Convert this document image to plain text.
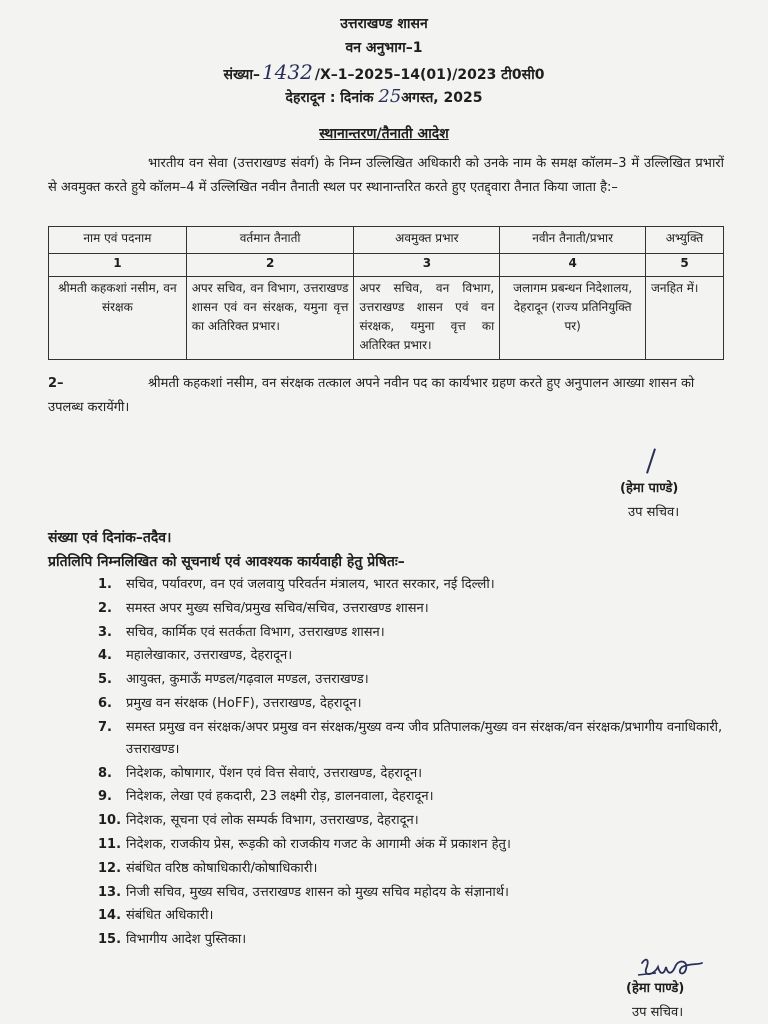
उत्तराखण्ड शासन
वन अनुभाग–1
संख्या– 1432 /X–1–2025–14(01)/2023 टी0सी0
देहरादून : दिनांक 25अगस्त, 2025
स्थानान्तरण/तैनाती आदेश
भारतीय वन सेवा (उत्तराखण्ड संवर्ग) के निम्न उल्लिखित अधिकारी को उनके नाम के समक्ष कॉलम–3 में उल्लिखित प्रभारों से अवमुक्त करते हुये कॉलम–4 में उल्लिखित नवीन तैनाती स्थल पर स्थानान्तरित करते हुए एतद्द्वारा तैनात किया जाता है:–
नाम एवं पदनाम	वर्तमान तैनाती	अवमुक्त प्रभार	नवीन तैनाती/प्रभार	अभ्युक्ति
1	2	3	4	5
श्रीमती कहकशां नसीम, वन संरक्षक	अपर सचिव, वन विभाग, उत्तराखण्ड शासन एवं वन संरक्षक, यमुना वृत्त का अतिरिक्त प्रभार।	अपर सचिव, वन विभाग, उत्तराखण्ड शासन एवं वन संरक्षक, यमुना वृत्त का अतिरिक्त प्रभार।	जलागम प्रबन्धन निदेशालय, देहरादून (राज्य प्रतिनियुक्ति पर)	जनहित में।
2–	श्रीमती कहकशां नसीम, वन संरक्षक तत्काल अपने नवीन पद का कार्यभार ग्रहण करते हुए अनुपालन आख्या शासन को उपलब्ध करायेंगी।
(हेमा पाण्डे)
उप सचिव।
संख्या एवं दिनांक–तदैव।
प्रतिलिपि निम्नलिखित को सूचनार्थ एवं आवश्यक कार्यवाही हेतु प्रेषितः–
1. सचिव, पर्यावरण, वन एवं जलवायु परिवर्तन मंत्रालय, भारत सरकार, नई दिल्ली।
2. समस्त अपर मुख्य सचिव/प्रमुख सचिव/सचिव, उत्तराखण्ड शासन।
3. सचिव, कार्मिक एवं सतर्कता विभाग, उत्तराखण्ड शासन।
4. महालेखाकार, उत्तराखण्ड, देहरादून।
5. आयुक्त, कुमाऊँ मण्डल/गढ़वाल मण्डल, उत्तराखण्ड।
6. प्रमुख वन संरक्षक (HoFF), उत्तराखण्ड, देहरादून।
7. समस्त प्रमुख वन संरक्षक/अपर प्रमुख वन संरक्षक/मुख्य वन्य जीव प्रतिपालक/मुख्य वन संरक्षक/वन संरक्षक/प्रभागीय वनाधिकारी, उत्तराखण्ड।
8. निदेशक, कोषागार, पेंशन एवं वित्त सेवाएं, उत्तराखण्ड, देहरादून।
9. निदेशक, लेखा एवं हकदारी, 23 लक्ष्मी रोड़, डालनवाला, देहरादून।
10. निदेशक, सूचना एवं लोक सम्पर्क विभाग, उत्तराखण्ड, देहरादून।
11. निदेशक, राजकीय प्रेस, रूड़की को राजकीय गजट के आगामी अंक में प्रकाशन हेतु।
12. संबंधित वरिष्ठ कोषाधिकारी/कोषाधिकारी।
13. निजी सचिव, मुख्य सचिव, उत्तराखण्ड शासन को मुख्य सचिव महोदय के संज्ञानार्थ।
14. संबंधित अधिकारी।
15. विभागीय आदेश पुस्तिका।
(हेमा पाण्डे)
उप सचिव।
